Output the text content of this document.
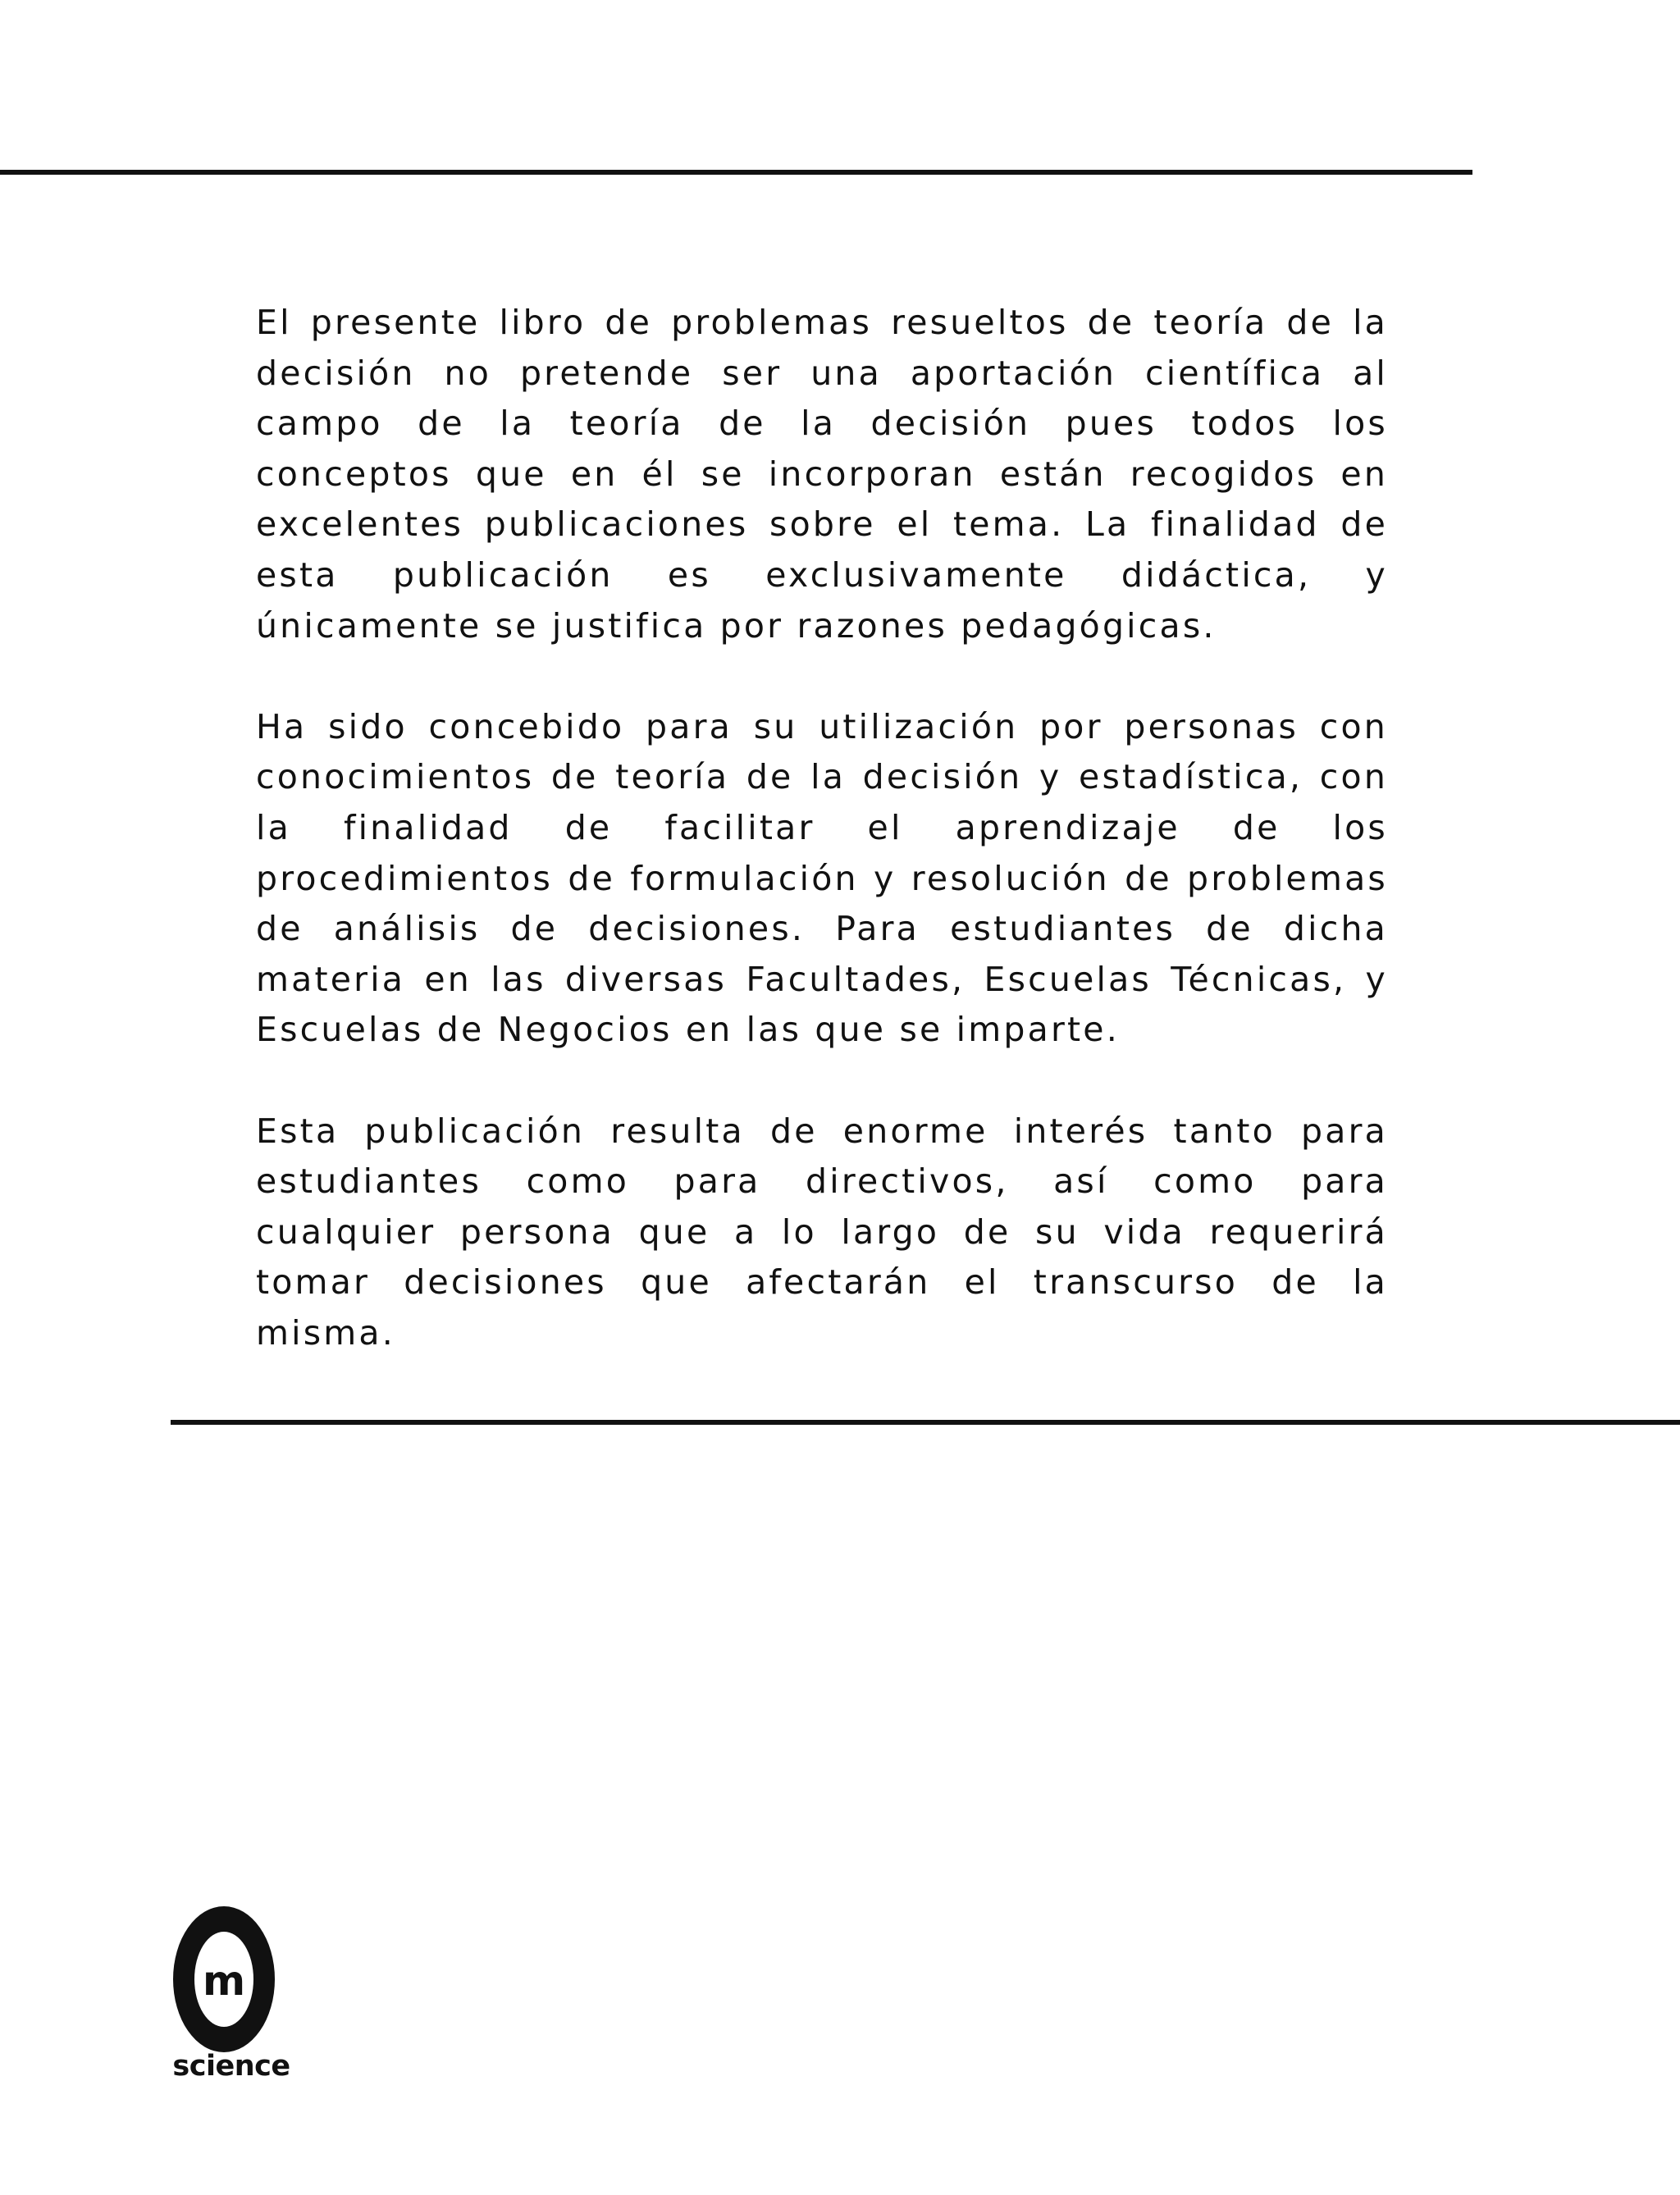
El presente libro de problemas resueltos de teoría de la decisión no pretende ser una aportación científica al campo de la teoría de la decisión pues todos los conceptos que en él se incorporan están recogidos en excelentes publicaciones sobre el tema. La finalidad de esta publicación es exclusivamente didáctica, y únicamente se justifica por razones pedagógicas.

Ha sido concebido para su utilización por personas con conocimientos de teoría de la decisión y estadística, con la finalidad de facilitar el aprendizaje de los procedimientos de formulación y resolución de problemas de análisis de decisiones. Para estudiantes de dicha materia en las diversas Facultades, Escuelas Técnicas, y Escuelas de Negocios en las que se imparte.

Esta publicación resulta de enorme interés tanto para estudiantes como para directivos, así como para cualquier persona que a lo largo de su vida requerirá tomar decisiones que afectarán el transcurso de la misma.

m
science
